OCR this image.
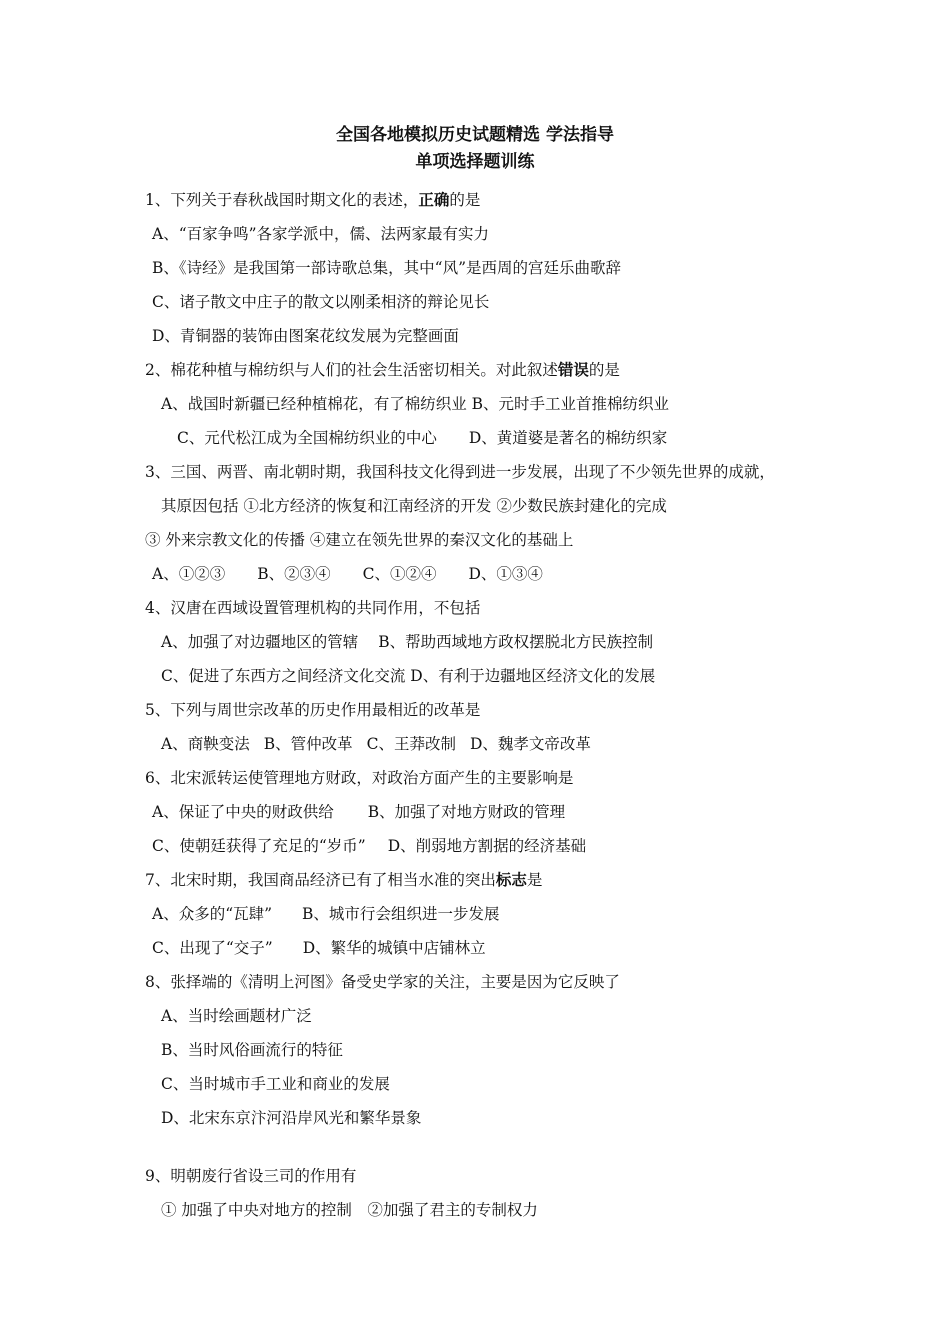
全国各地模拟历史试题精选 学法指导
单项选择题训练
1、下列关于春秋战国时期文化的表述，正确的是
A、“百家争鸣”各家学派中，儒、法两家最有实力
B、《诗经》是我国第一部诗歌总集，其中“风”是西周的宫廷乐曲歌辞
C、诸子散文中庄子的散文以刚柔相济的辩论见长
D、青铜器的装饰由图案花纹发展为完整画面
2、棉花种植与棉纺织与人们的社会生活密切相关。对此叙述错误的是
A、战国时新疆已经种植棉花，有了棉纺织业 B、元时手工业首推棉纺织业
C、元代松江成为全国棉纺织业的中心 D、黄道婆是著名的棉纺织家
3、三国、两晋、南北朝时期，我国科技文化得到进一步发展，出现了不少领先世界的成就，
其原因包括 ①北方经济的恢复和江南经济的开发 ②少数民族封建化的完成
③ 外来宗教文化的传播 ④建立在领先世界的秦汉文化的基础上
A、①②③ B、②③④ C、①②④ D、①③④
4、汉唐在西域设置管理机构的共同作用，不包括
A、加强了对边疆地区的管辖 B、帮助西域地方政权摆脱北方民族控制
C、促进了东西方之间经济文化交流 D、有利于边疆地区经济文化的发展
5、下列与周世宗改革的历史作用最相近的改革是
A、商鞅变法 B、管仲改革 C、王莽改制 D、魏孝文帝改革
6、北宋派转运使管理地方财政，对政治方面产生的主要影响是
A、保证了中央的财政供给 B、加强了对地方财政的管理
C、使朝廷获得了充足的“岁币” D、削弱地方割据的经济基础
7、北宋时期，我国商品经济已有了相当水准的突出标志是
A、众多的“瓦肆” B、城市行会组织进一步发展
C、出现了“交子” D、繁华的城镇中店铺林立
8、张择端的《清明上河图》备受史学家的关注，主要是因为它反映了
A、当时绘画题材广泛
B、当时风俗画流行的特征
C、当时城市手工业和商业的发展
D、北宋东京汴河沿岸风光和繁华景象
9、明朝废行省设三司的作用有
① 加强了中央对地方的控制　②加强了君主的专制权力
